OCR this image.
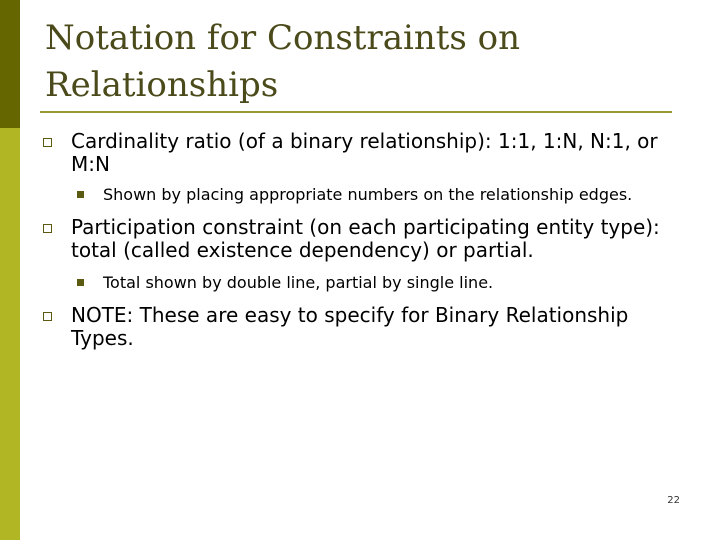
Notation for Constraints on Relationships

Cardinality ratio (of a binary relationship): 1:1, 1:N, N:1, or M:N

Shown by placing appropriate numbers on the relationship edges.

Participation constraint (on each participating entity type): total (called existence dependency) or partial.

Total shown by double line, partial by single line.

NOTE: These are easy to specify for Binary Relationship Types.

22
